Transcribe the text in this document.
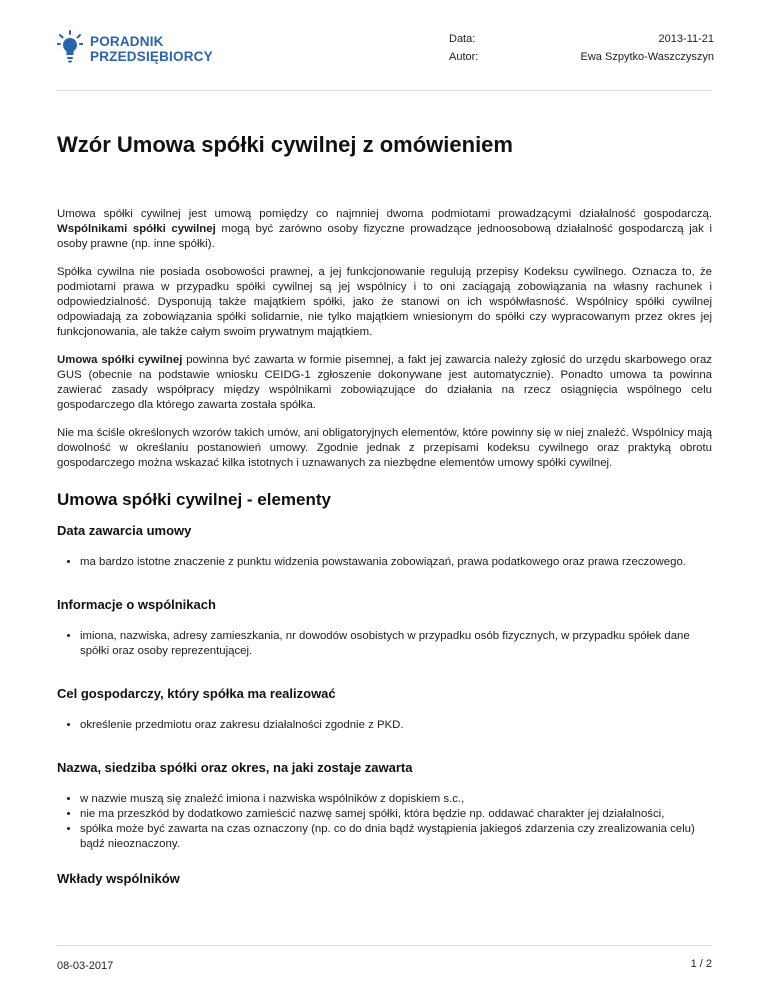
PORADNIK
PRZEDSIĘBIORCY
Data:
Autor:
2013-11-21
Ewa Szpytko-Waszczyszyn
Wzór Umowa spółki cywilnej z omówieniem

Umowa spółki cywilnej jest umową pomiędzy co najmniej dwoma podmiotami prowadzącymi działalność gospodarczą. Wspólnikami spółki cywilnej mogą być zarówno osoby fizyczne prowadzące jednoosobową działalność gospodarczą jak i osoby prawne (np. inne spółki).

Spółka cywilna nie posiada osobowości prawnej, a jej funkcjonowanie regulują przepisy Kodeksu cywilnego. Oznacza to, że podmiotami prawa w przypadku spółki cywilnej są jej wspólnicy i to oni zaciągają zobowiązania na własny rachunek i odpowiedzialność. Dysponują także majątkiem spółki, jako że stanowi on ich współwłasność. Wspólnicy spółki cywilnej odpowiadają za zobowiązania spółki solidarnie, nie tylko majątkiem wniesionym do spółki czy wypracowanym przez okres jej funkcjonowania, ale także całym swoim prywatnym majątkiem.

Umowa spółki cywilnej powinna być zawarta w formie pisemnej, a fakt jej zawarcia należy zgłosić do urzędu skarbowego oraz GUS (obecnie na podstawie wniosku CEIDG-1 zgłoszenie dokonywane jest automatycznie). Ponadto umowa ta powinna zawierać zasady współpracy między wspólnikami zobowiązujące do działania na rzecz osiągnięcia wspólnego celu gospodarczego dla którego zawarta została spółka.

Nie ma ściśle określonych wzorów takich umów, ani obligatoryjnych elementów, które powinny się w niej znaleźć. Wspólnicy mają dowolność w określaniu postanowień umowy. Zgodnie jednak z przepisami kodeksu cywilnego oraz praktyką obrotu gospodarczego można wskazać kilka istotnych i uznawanych za niezbędne elementów umowy spółki cywilnej.

Umowa spółki cywilnej - elementy
Data zawarcia umowy
• ma bardzo istotne znaczenie z punktu widzenia powstawania zobowiązań, prawa podatkowego oraz prawa rzeczowego.
Informacje o wspólnikach
• imiona, nazwiska, adresy zamieszkania, nr dowodów osobistych w przypadku osób fizycznych, w przypadku spółek dane spółki oraz osoby reprezentującej.
Cel gospodarczy, który spółka ma realizować
• określenie przedmiotu oraz zakresu działalności zgodnie z PKD.
Nazwa, siedziba spółki oraz okres, na jaki zostaje zawarta
• w nazwie muszą się znaleźć imiona i nazwiska wspólników z dopiskiem s.c.,
• nie ma przeszkód by dodatkowo zamieścić nazwę samej spółki, która będzie np. oddawać charakter jej działalności,
• spółka może być zawarta na czas oznaczony (np. co do dnia bądź wystąpienia jakiegoś zdarzenia czy zrealizowania celu) bądź nieoznaczony.
Wkłady wspólników
08-03-2017	1 / 2
